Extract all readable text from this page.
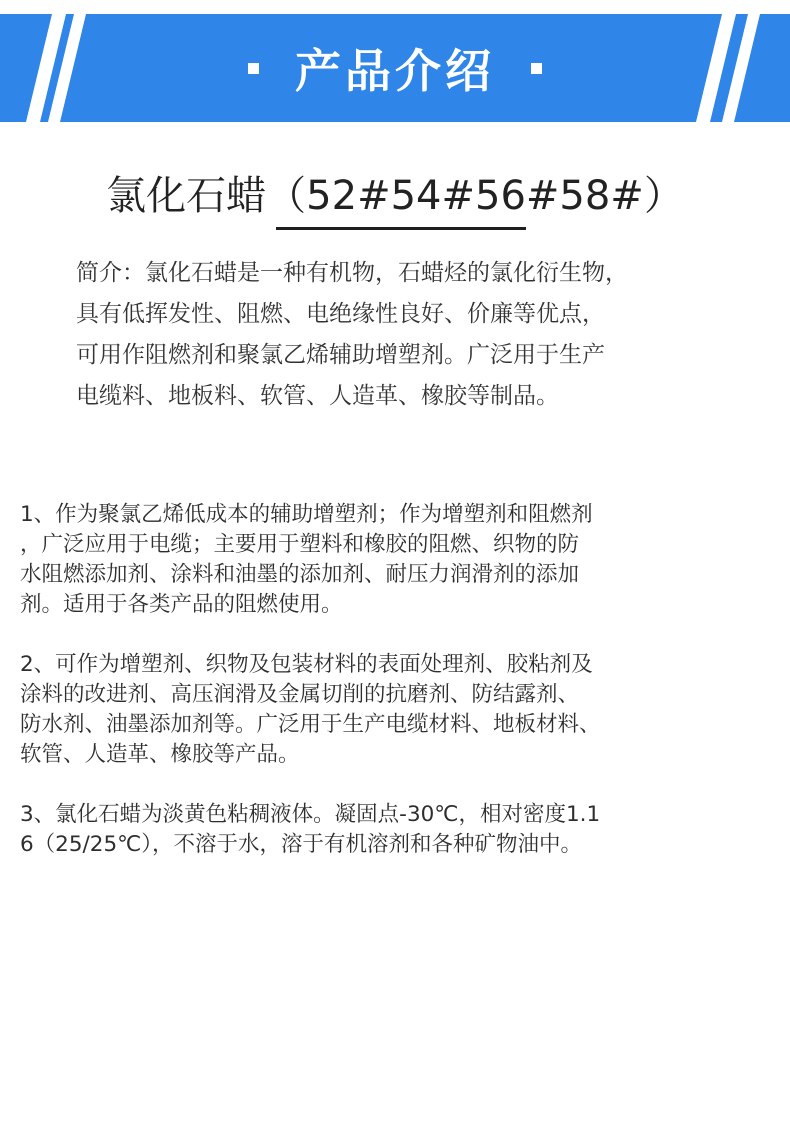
产品介绍
氯化石蜡（52#54#56#58#）
简介：氯化石蜡是一种有机物，石蜡烃的氯化衍生物，
具有低挥发性、阻燃、电绝缘性良好、价廉等优点，
可用作阻燃剂和聚氯乙烯辅助增塑剂。广泛用于生产
电缆料、地板料、软管、人造革、橡胶等制品。
1、作为聚氯乙烯低成本的辅助增塑剂；作为增塑剂和阻燃剂
，广泛应用于电缆；主要用于塑料和橡胶的阻燃、织物的防
水阻燃添加剂、涂料和油墨的添加剂、耐压力润滑剂的添加
剂。适用于各类产品的阻燃使用。
2、可作为增塑剂、织物及包装材料的表面处理剂、胶粘剂及
涂料的改进剂、高压润滑及金属切削的抗磨剂、防结露剂、
防水剂、油墨添加剂等。广泛用于生产电缆材料、地板材料、
软管、人造革、橡胶等产品。
3、氯化石蜡为淡黄色粘稠液体。凝固点-30℃，相对密度1.1
6（25/25℃），不溶于水，溶于有机溶剂和各种矿物油中。
